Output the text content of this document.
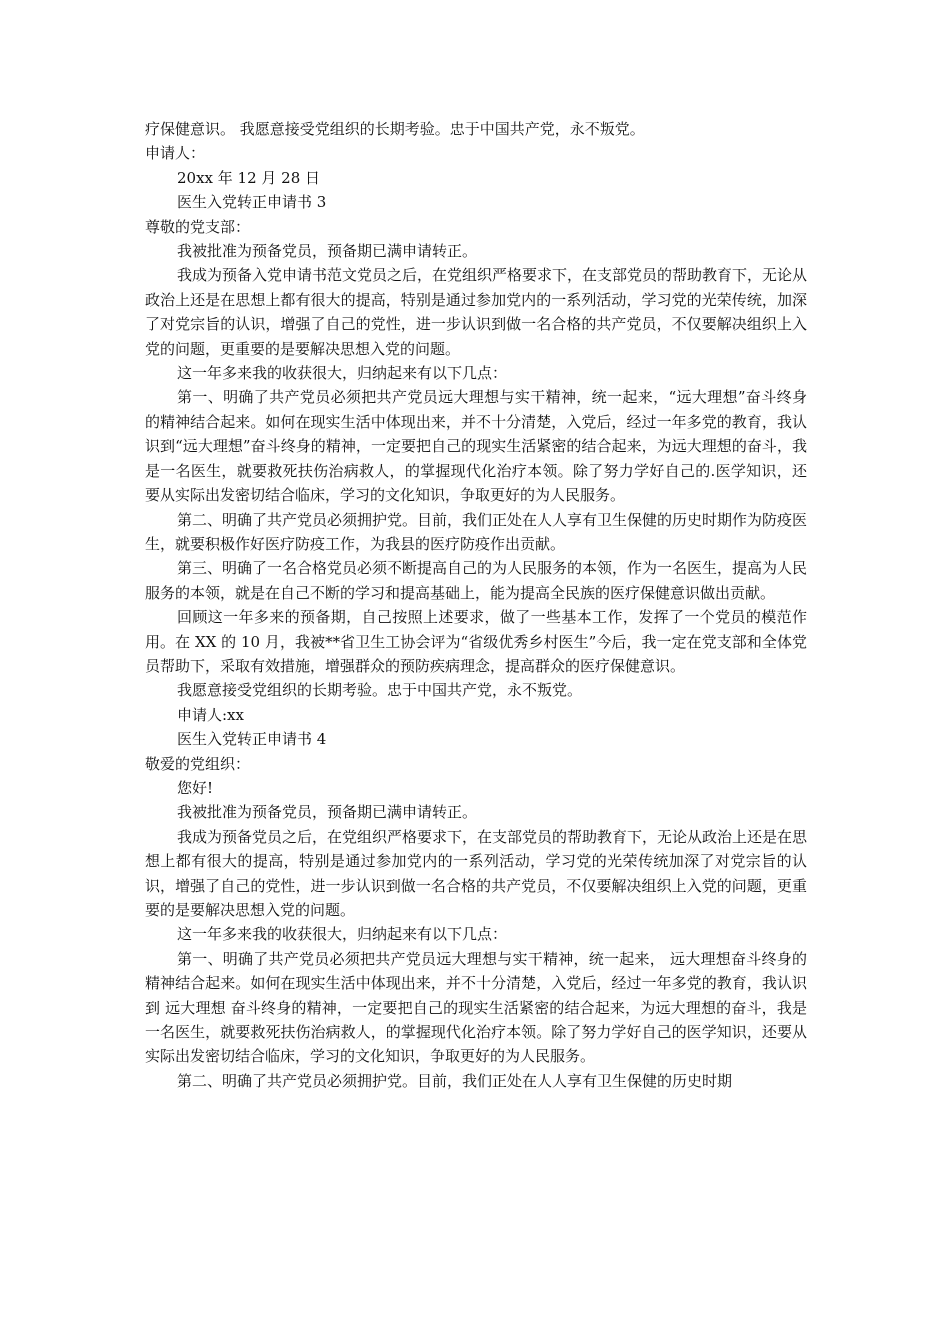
疗保健意识。 我愿意接受党组织的长期考验。忠于中国共产党，永不叛党。

申请人：

20xx 年 12 月 28 日

医生入党转正申请书 3

尊敬的党支部：

我被批准为预备党员，预备期已满申请转正。

我成为预备入党申请书范文党员之后，在党组织严格要求下，在支部党员的帮助教育下，无论从政治上还是在思想上都有很大的提高，特别是通过参加党内的一系列活动，学习党的光荣传统，加深了对党宗旨的认识，增强了自己的党性，进一步认识到做一名合格的共产党员，不仅要解决组织上入党的问题，更重要的是要解决思想入党的问题。

这一年多来我的收获很大，归纳起来有以下几点：

第一、明确了共产党员必须把共产党员远大理想与实干精神，统一起来，“远大理想”奋斗终身的精神结合起来。如何在现实生活中体现出来，并不十分清楚，入党后，经过一年多党的教育，我认识到“远大理想”奋斗终身的精神，一定要把自己的现实生活紧密的结合起来，为远大理想的奋斗，我是一名医生，就要救死扶伤治病救人，的掌握现代化治疗本领。除了努力学好自己的.医学知识，还要从实际出发密切结合临床，学习的文化知识，争取更好的为人民服务。

第二、明确了共产党员必须拥护党。目前，我们正处在人人享有卫生保健的历史时期作为防疫医生，就要积极作好医疗防疫工作，为我县的医疗防疫作出贡献。

第三、明确了一名合格党员必须不断提高自己的为人民服务的本领，作为一名医生，提高为人民服务的本领，就是在自己不断的学习和提高基础上，能为提高全民族的医疗保健意识做出贡献。

回顾这一年多来的预备期，自己按照上述要求，做了一些基本工作，发挥了一个党员的模范作用。在 XX 的 10 月，我被**省卫生工协会评为“省级优秀乡村医生”今后，我一定在党支部和全体党员帮助下，采取有效措施，增强群众的预防疾病理念，提高群众的医疗保健意识。

我愿意接受党组织的长期考验。忠于中国共产党，永不叛党。

申请人:xx

医生入党转正申请书 4

敬爱的党组织：

您好!

我被批准为预备党员，预备期已满申请转正。

我成为预备党员之后，在党组织严格要求下，在支部党员的帮助教育下，无论从政治上还是在思想上都有很大的提高，特别是通过参加党内的一系列活动，学习党的光荣传统加深了对党宗旨的认识，增强了自己的党性，进一步认识到做一名合格的共产党员，不仅要解决组织上入党的问题，更重要的是要解决思想入党的问题。

这一年多来我的收获很大，归纳起来有以下几点：

第一、明确了共产党员必须把共产党员远大理想与实干精神，统一起来， 远大理想奋斗终身的精神结合起来。如何在现实生活中体现出来，并不十分清楚，入党后，经过一年多党的教育，我认识到 远大理想 奋斗终身的精神，一定要把自己的现实生活紧密的结合起来，为远大理想的奋斗，我是一名医生，就要救死扶伤治病救人，的掌握现代化治疗本领。除了努力学好自己的医学知识，还要从实际出发密切结合临床，学习的文化知识，争取更好的为人民服务。

第二、明确了共产党员必须拥护党。目前，我们正处在人人享有卫生保健的历史时期
